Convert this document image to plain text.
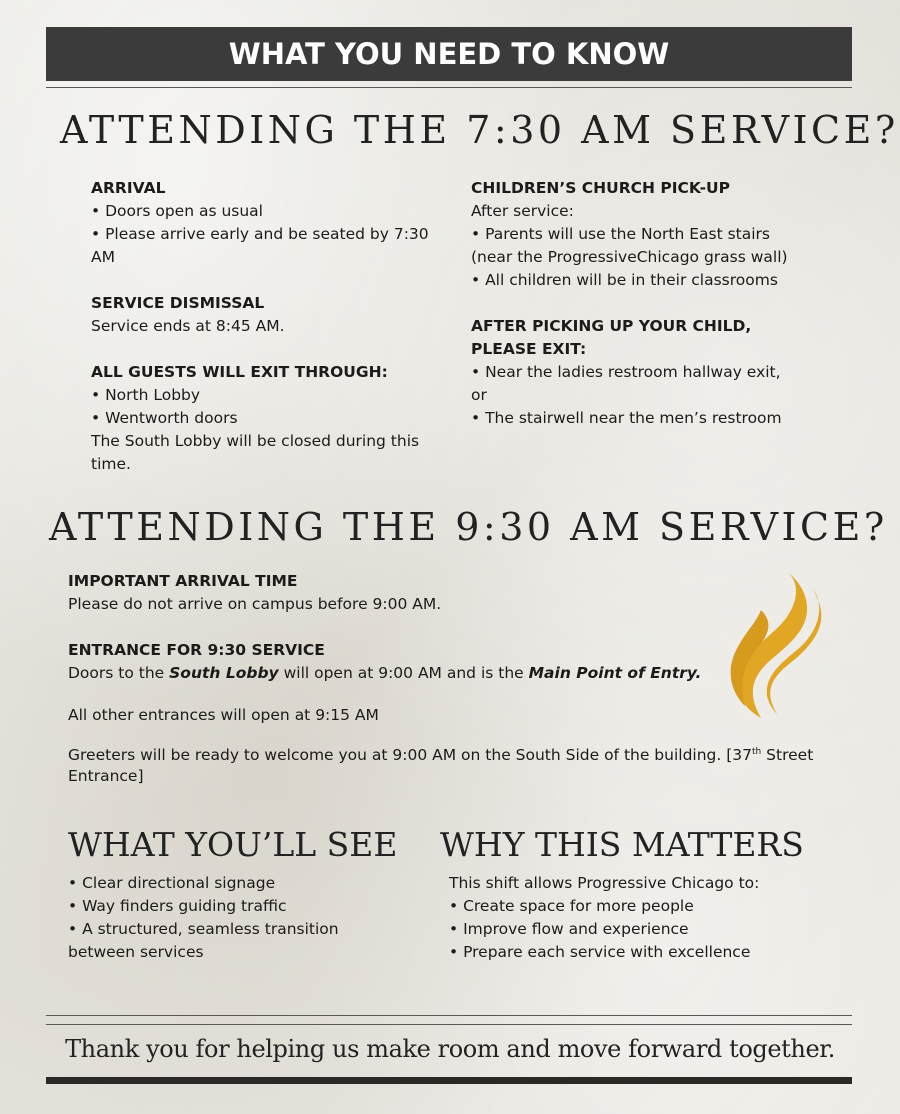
WHAT YOU NEED TO KNOW
ATTENDING THE 7:30 AM SERVICE?
ARRIVAL

• Doors open as usual

• Please arrive early and be seated by 7:30

AM

SERVICE DISMISSAL

Service ends at 8:45 AM.

ALL GUESTS WILL EXIT THROUGH:

• North Lobby

• Wentworth doors

The South Lobby will be closed during this

time.

CHILDREN’S CHURCH PICK-UP

After service:

• Parents will use the North East stairs

(near the ProgressiveChicago grass wall)

• All children will be in their classrooms

AFTER PICKING UP YOUR CHILD,
PLEASE EXIT:

• Near the ladies restroom hallway exit,

or

• The stairwell near the men’s restroom

ATTENDING THE 9:30 AM SERVICE?
IMPORTANT ARRIVAL TIME

Please do not arrive on campus before 9:00 AM.

ENTRANCE FOR 9:30 SERVICE

Doors to the South Lobby will open at 9:00 AM and is the Main Point of Entry.

All other entrances will open at 9:15 AM

Greeters will be ready to welcome you at 9:00 AM on the South Side of the building. [37th Street

Entrance]

WHAT YOU’LL SEE

• Clear directional signage

• Way finders guiding traffic

• A structured, seamless transition

between services

WHY THIS MATTERS

This shift allows Progressive Chicago to:

• Create space for more people

• Improve flow and experience

• Prepare each service with excellence

Thank you for helping us make room and move forward together.
